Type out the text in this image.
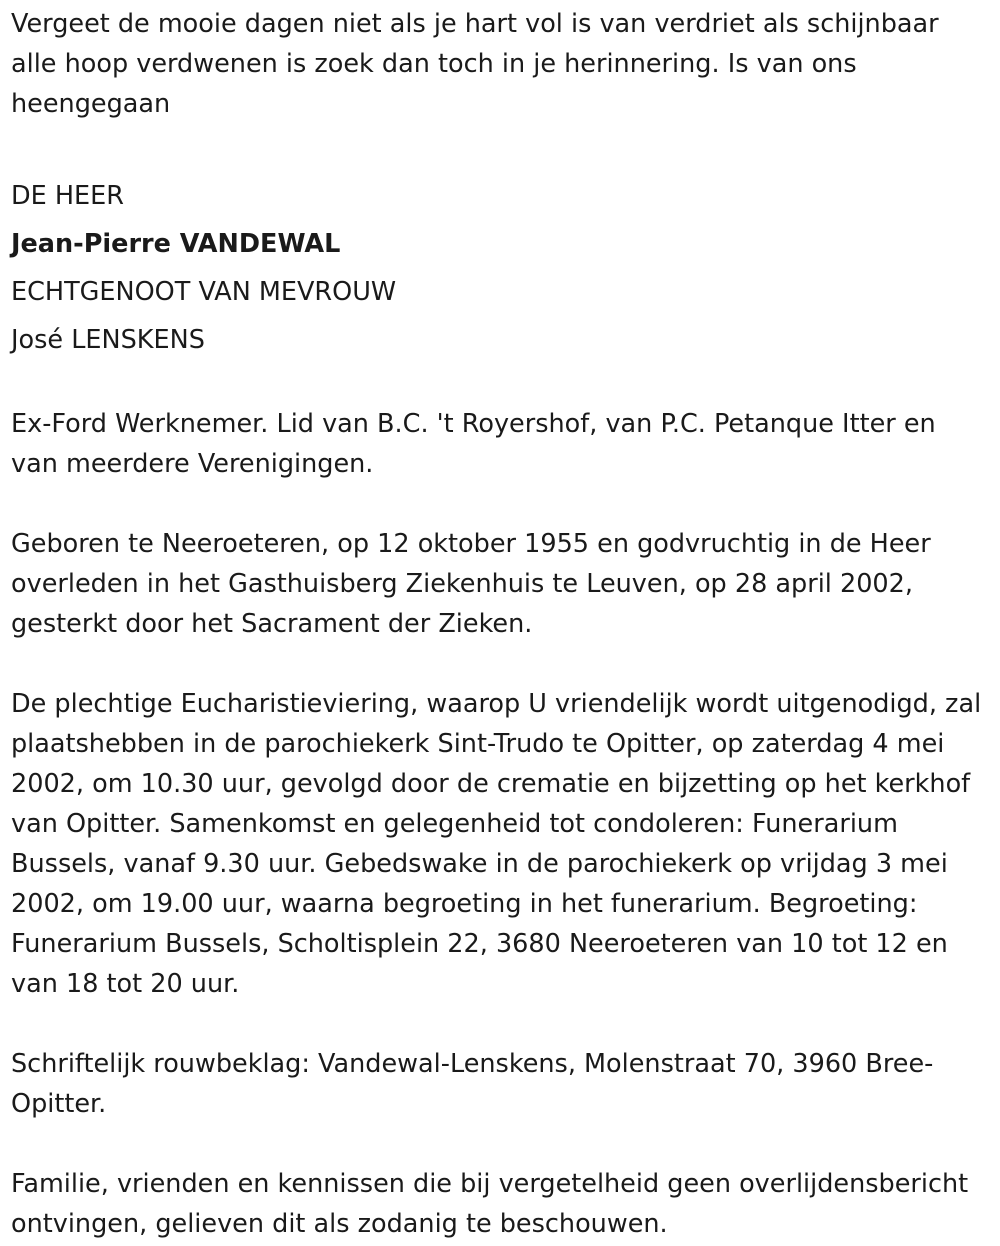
Vergeet de mooie dagen niet als je hart vol is van verdriet als schijnbaar alle hoop verdwenen is zoek dan toch in je herinnering. Is van ons heengegaan

DE HEER

Jean-Pierre VANDEWAL

ECHTGENOOT VAN MEVROUW

José LENSKENS

Ex-Ford Werknemer. Lid van B.C. 't Royershof, van P.C. Petanque Itter en van meerdere Verenigingen.

Geboren te Neeroeteren, op 12 oktober 1955 en godvruchtig in de Heer overleden in het Gasthuisberg Ziekenhuis te Leuven, op 28 april 2002, gesterkt door het Sacrament der Zieken.

De plechtige Eucharistieviering, waarop U vriendelijk wordt uitgenodigd, zal plaatshebben in de parochiekerk Sint-Trudo te Opitter, op zaterdag 4 mei 2002, om 10.30 uur, gevolgd door de crematie en bijzetting op het kerkhof van Opitter. Samenkomst en gelegenheid tot condoleren: Funerarium Bussels, vanaf 9.30 uur. Gebedswake in de parochiekerk op vrijdag 3 mei 2002, om 19.00 uur, waarna begroeting in het funerarium. Begroeting: Funerarium Bussels, Scholtisplein 22, 3680 Neeroeteren van 10 tot 12 en van 18 tot 20 uur.

Schriftelijk rouwbeklag: Vandewal-Lenskens, Molenstraat 70, 3960 Bree-Opitter.

Familie, vrienden en kennissen die bij vergetelheid geen overlijdensbericht ontvingen, gelieven dit als zodanig te beschouwen.
